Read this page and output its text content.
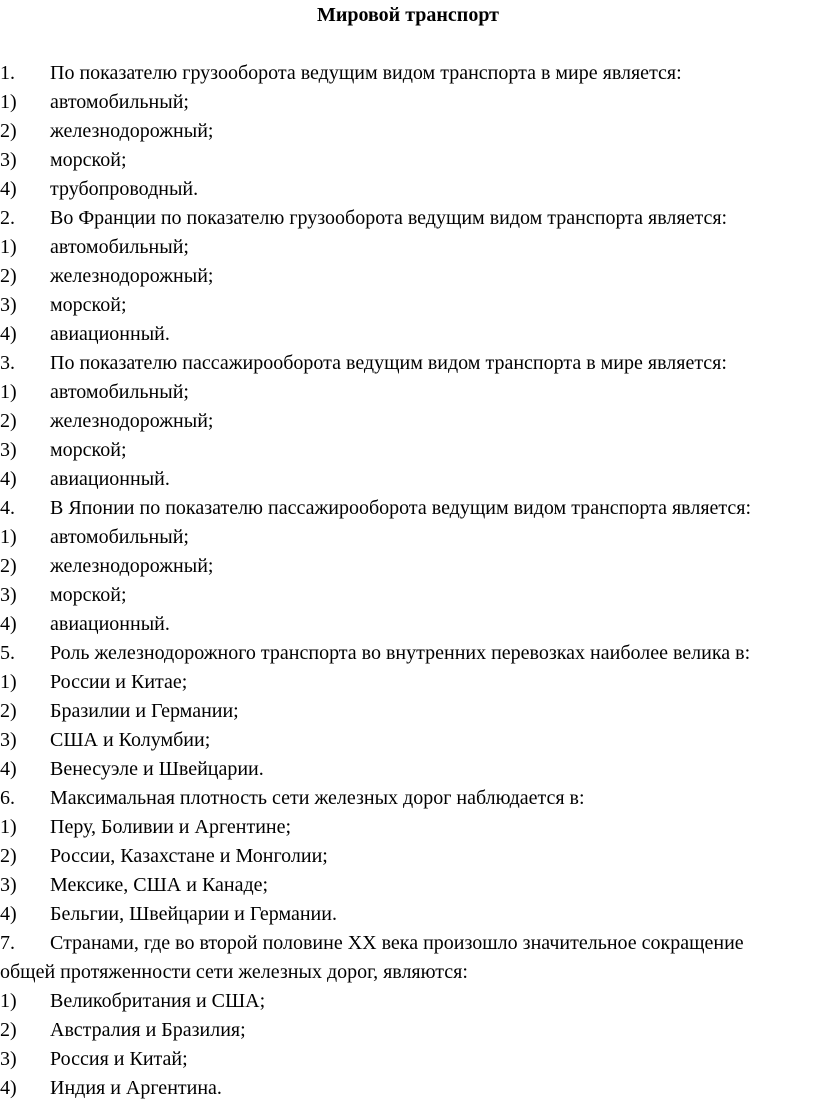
Мировой транспорт
1.	По показателю грузооборота ведущим видом транспорта в мире является:
1)	автомобильный;
2)	железнодорожный;
3)	морской;
4)	трубопроводный.
2.	Во Франции по показателю грузооборота ведущим видом транспорта является:
1)	автомобильный;
2)	железнодорожный;
3)	морской;
4)	авиационный.
3.	По показателю пассажирооборота ведущим видом транспорта в мире является:
1)	автомобильный;
2)	железнодорожный;
3)	морской;
4)	авиационный.
4.	В Японии по показателю пассажирооборота ведущим видом транспорта является:
1)	автомобильный;
2)	железнодорожный;
3)	морской;
4)	авиационный.
5.	Роль железнодорожного транспорта во внутренних перевозках наиболее велика в:
1)	России и Китае;
2)	Бразилии и Германии;
3)	США и Колумбии;
4)	Венесуэле и Швейцарии.
6.	Максимальная плотность сети железных дорог наблюдается в:
1)	Перу, Боливии и Аргентине;
2)	России, Казахстане и Монголии;
3)	Мексике, США и Канаде;
4)	Бельгии, Швейцарии и Германии.
7.	Странами, где во второй половине XX века произошло значительное сокращение
общей протяженности сети железных дорог, являются:
1)	Великобритания и США;
2)	Австралия и Бразилия;
3)	Россия и Китай;
4)	Индия и Аргентина.
